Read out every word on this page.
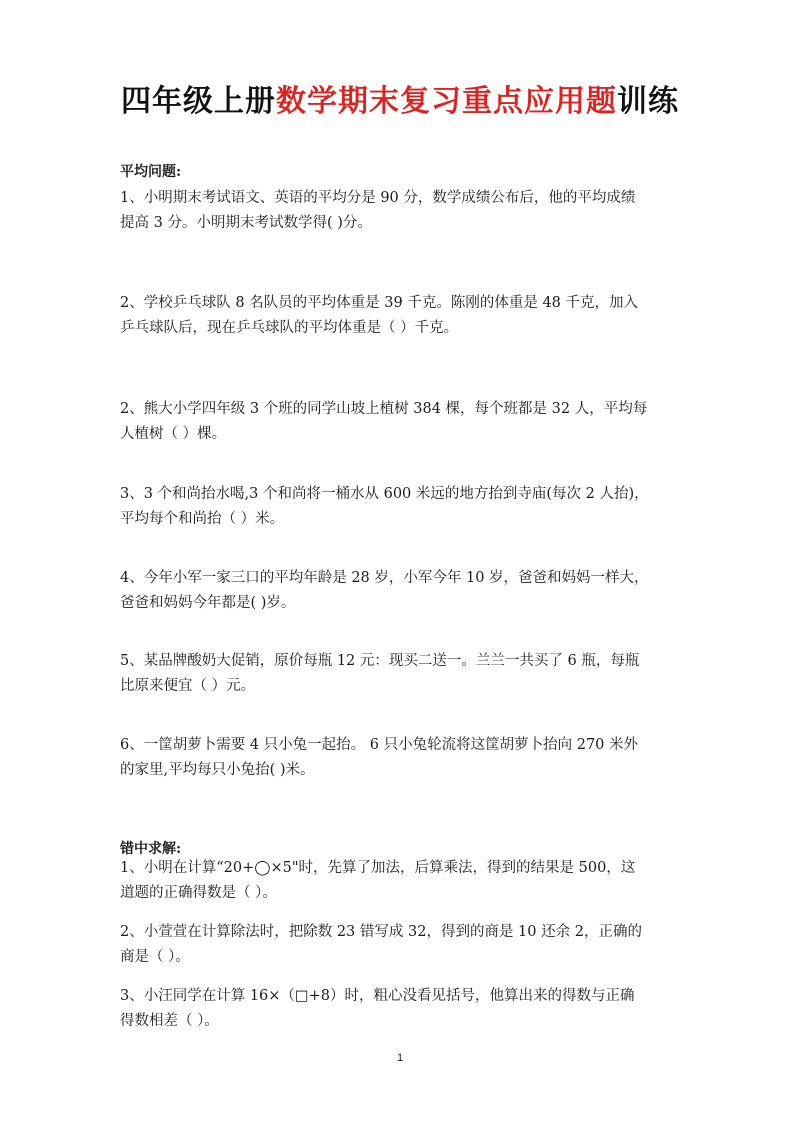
四年级上册数学期末复习重点应用题训练
平均问题:
1、小明期末考试语文、英语的平均分是 90 分，数学成绩公布后，他的平均成绩
提高 3 分。小明期末考试数学得( )分。
2、学校乒乓球队 8 名队员的平均体重是 39 千克。陈刚的体重是 48 千克，加入
乒乓球队后，现在乒乓球队的平均体重是（ ）千克。
2、熊大小学四年级 3 个班的同学山坡上植树 384 棵，每个班都是 32 人，平均每
人植树（ ）棵。
3、3 个和尚抬水喝,3 个和尚将一桶水从 600 米远的地方抬到寺庙(每次 2 人抬)，
平均每个和尚抬（ ）米。
4、今年小军一家三口的平均年龄是 28 岁，小军今年 10 岁，爸爸和妈妈一样大，
爸爸和妈妈今年都是( )岁。
5、某品牌酸奶大促销，原价每瓶 12 元：现买二送一。兰兰一共买了 6 瓶，每瓶
比原来便宜（ ）元。
6、一筐胡萝卜需要 4 只小兔一起抬。 6 只小兔轮流将这筐胡萝卜抬向 270 米外
的家里,平均每只小兔抬( )米。
错中求解:
1、小明在计算“20+◯×5"时，先算了加法，后算乘法，得到的结果是 500，这
道题的正确得数是（ ）。
2、小萱萱在计算除法时，把除数 23 错写成 32，得到的商是 10 还余 2，正确的
商是（ ）。
3、小汪同学在计算 16×（□+8）时，粗心没看见括号，他算出来的得数与正确
得数相差（ ）。
1
